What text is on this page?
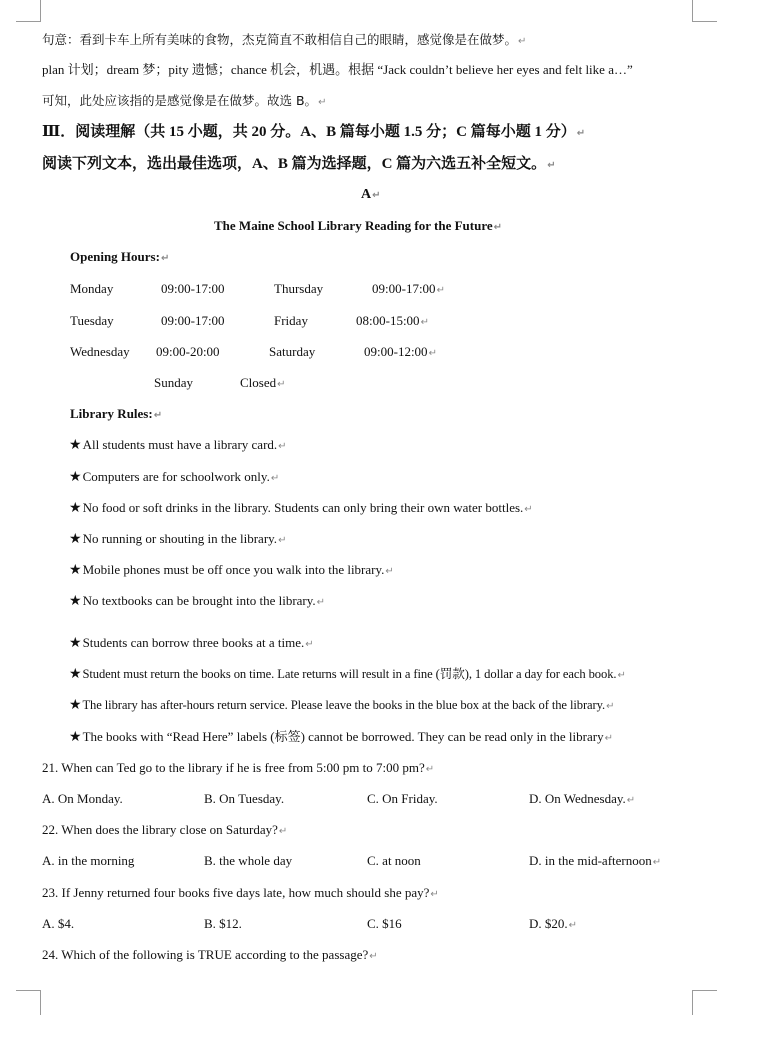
句意：看到卡车上所有美味的食物，杰克简直不敢相信自己的眼睛，感觉像是在做梦。↵
plan 计划；dream 梦；pity 遗憾；chance 机会，机遇。根据 “Jack couldn’t believe her eyes and felt like a…”
可知，此处应该指的是感觉像是在做梦。故选 B。↵
Ⅲ．阅读理解（共 15 小题，共 20 分。A、B 篇每小题 1.5 分；C 篇每小题 1 分）↵
阅读下列文本，选出最佳选项，A、B 篇为选择题，C 篇为六选五补全短文。↵
A↵
The Maine School Library Reading for the Future↵
Opening Hours:↵
Monday	09:00-17:00	Thursday	09:00-17:00↵
Tuesday	09:00-17:00	Friday	08:00-15:00↵
Wednesday 09:00-20:00	Saturday	09:00-12:00↵
Sunday	Closed↵
Library Rules:↵
★All students must have a library card.↵
★Computers are for schoolwork only.↵
★No food or soft drinks in the library. Students can only bring their own water bottles.↵
★No running or shouting in the library.↵
★Mobile phones must be off once you walk into the library.↵
★No textbooks can be brought into the library.↵
★Students can borrow three books at a time.↵
★Student must return the books on time. Late returns will result in a fine (罚款), 1 dollar a day for each book.↵
★The library has after-hours return service. Please leave the books in the blue box at the back of the library.↵
★The books with “Read Here” labels (标签) cannot be borrowed. They can be read only in the library↵
21. When can Ted go to the library if he is free from 5:00 pm to 7:00 pm?↵
A. On Monday.	B. On Tuesday.	C. On Friday.	D. On Wednesday.↵
22. When does the library close on Saturday?↵
A. in the morning	B. the whole day	C. at noon	D. in the mid-afternoon↵
23. If Jenny returned four books five days late, how much should she pay?↵
A. $4.	B. $12.	C. $16	D. $20.↵
24. Which of the following is TRUE according to the passage?↵
